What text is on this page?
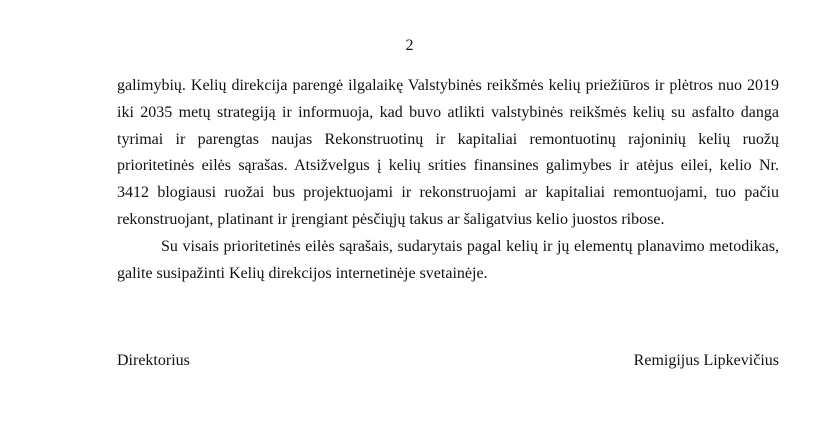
2

galimybių. Kelių direkcija parengė ilgalaikę Valstybinės reikšmės kelių priežiūros ir plėtros nuo 2019
iki 2035 metų strategiją ir informuoja, kad buvo atlikti valstybinės reikšmės kelių su asfalto danga
tyrimai ir parengtas naujas Rekonstruotinų ir kapitaliai remontuotinų rajoninių kelių ruožų
prioritetinės eilės sąrašas. Atsižvelgus į kelių srities finansines galimybes ir atėjus eilei, kelio Nr.
3412 blogiausi ruožai bus projektuojami ir rekonstruojami ar kapitaliai remontuojami, tuo pačiu
rekonstruojant, platinant ir įrengiant pėsčiųjų takus ar šaligatvius kelio juostos ribose.

Su visais prioritetinės eilės sąrašais, sudarytais pagal kelių ir jų elementų planavimo metodikas,
galite susipažinti Kelių direkcijos internetinėje svetainėje.

Direktorius	Remigijus Lipkevičius
